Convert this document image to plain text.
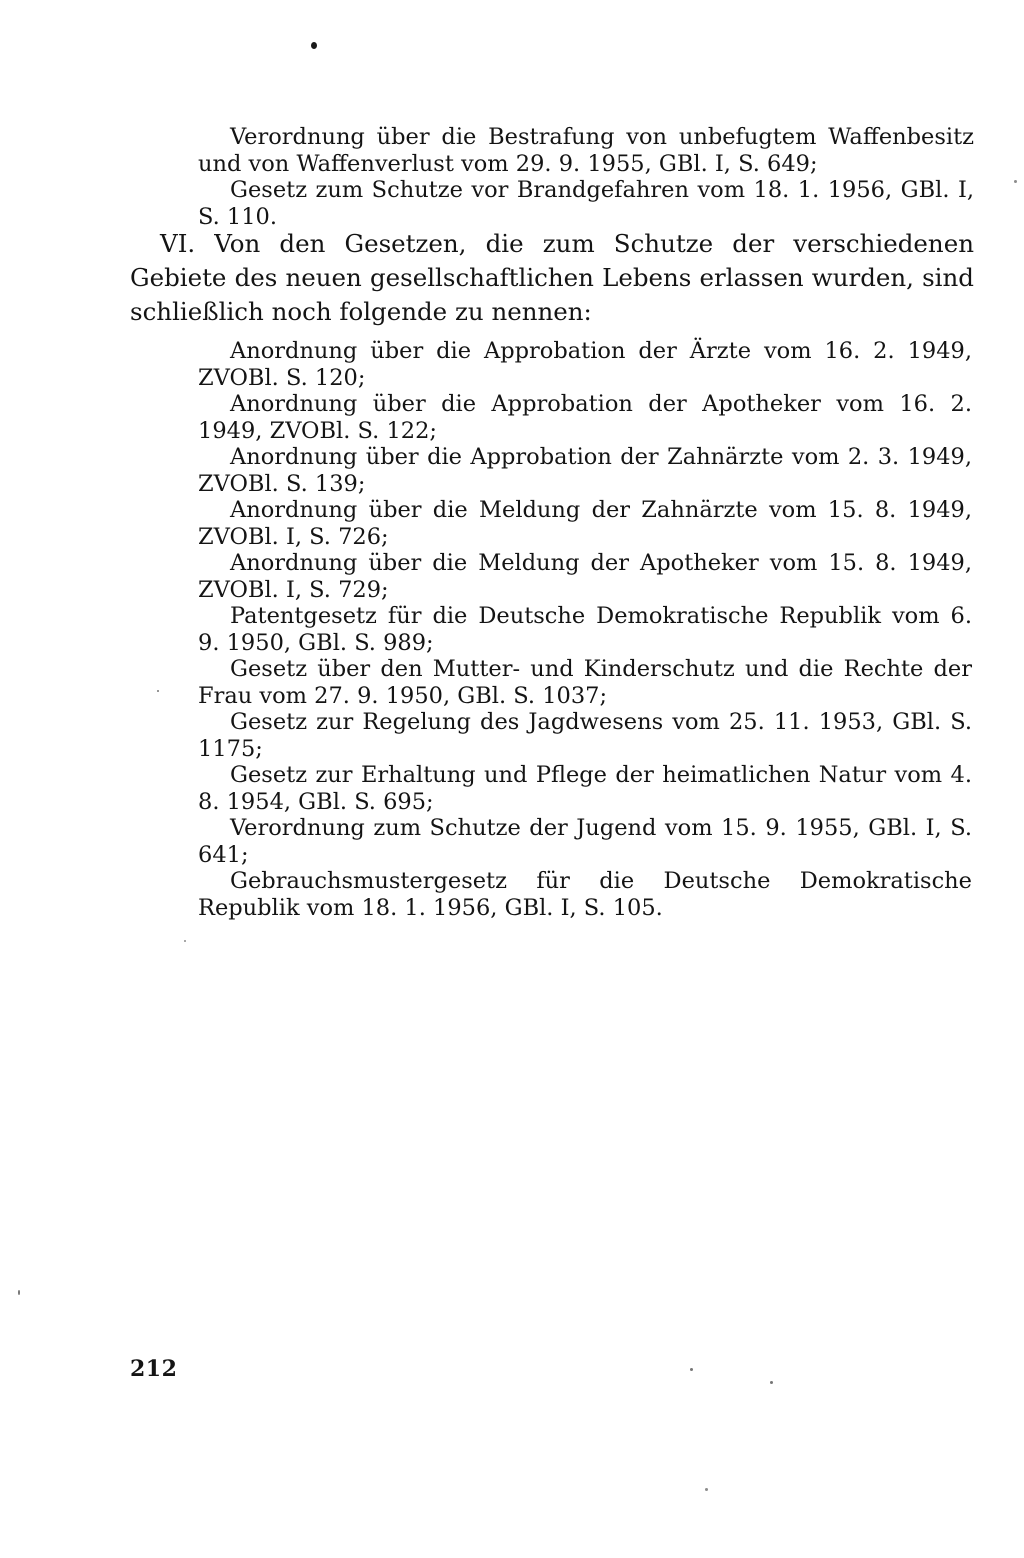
Verordnung über die Bestrafung von unbefugtem Waffenbesitz und von Waffenverlust vom 29. 9. 1955, GBl. I, S. 649;

Gesetz zum Schutze vor Brandgefahren vom 18. 1. 1956, GBl. I, S. 110.

VI. Von den Gesetzen, die zum Schutze der verschiedenen Gebiete des neuen gesellschaftlichen Lebens erlassen wurden, sind schließlich noch folgende zu nennen:

Anordnung über die Approbation der Ärzte vom 16. 2. 1949, ZVOBl. S. 120;

Anordnung über die Approbation der Apotheker vom 16. 2. 1949, ZVOBl. S. 122;

Anordnung über die Approbation der Zahnärzte vom 2. 3. 1949, ZVOBl. S. 139;

Anordnung über die Meldung der Zahnärzte vom 15. 8. 1949, ZVOBl. I, S. 726;

Anordnung über die Meldung der Apotheker vom 15. 8. 1949, ZVOBl. I, S. 729;

Patentgesetz für die Deutsche Demokratische Republik vom 6. 9. 1950, GBl. S. 989;

Gesetz über den Mutter- und Kinderschutz und die Rechte der Frau vom 27. 9. 1950, GBl. S. 1037;

Gesetz zur Regelung des Jagdwesens vom 25. 11. 1953, GBl. S. 1175;

Gesetz zur Erhaltung und Pflege der heimatlichen Natur vom 4. 8. 1954, GBl. S. 695;

Verordnung zum Schutze der Jugend vom 15. 9. 1955, GBl. I, S. 641;

Gebrauchsmustergesetz für die Deutsche Demokratische Republik vom 18. 1. 1956, GBl. I, S. 105.

212
